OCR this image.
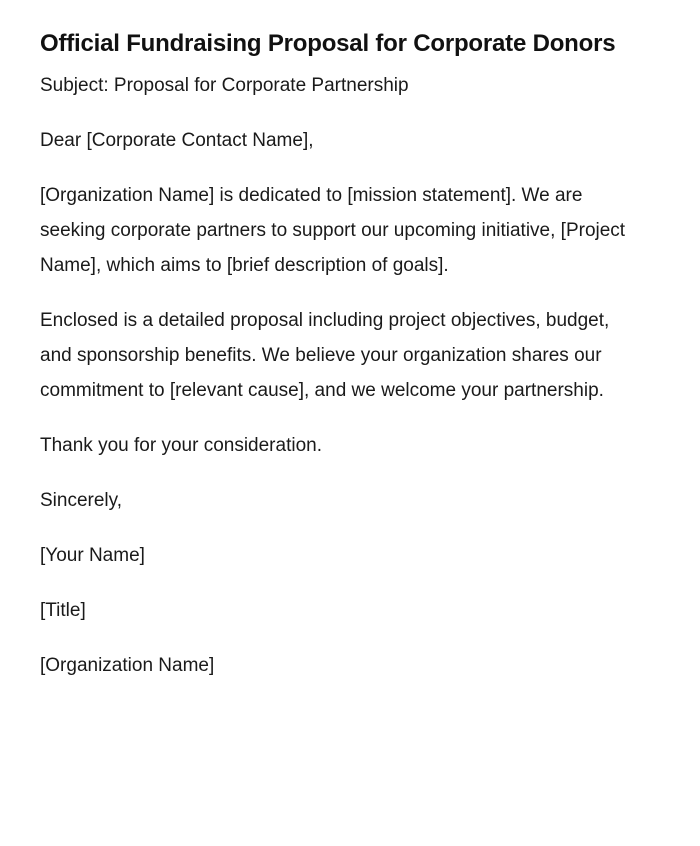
Official Fundraising Proposal for Corporate Donors

Subject: Proposal for Corporate Partnership

Dear [Corporate Contact Name],

[Organization Name] is dedicated to [mission statement]. We are seeking corporate partners to support our upcoming initiative, [Project Name], which aims to [brief description of goals].

Enclosed is a detailed proposal including project objectives, budget, and sponsorship benefits. We believe your organization shares our commitment to [relevant cause], and we welcome your partnership.

Thank you for your consideration.

Sincerely,

[Your Name]

[Title]

[Organization Name]
